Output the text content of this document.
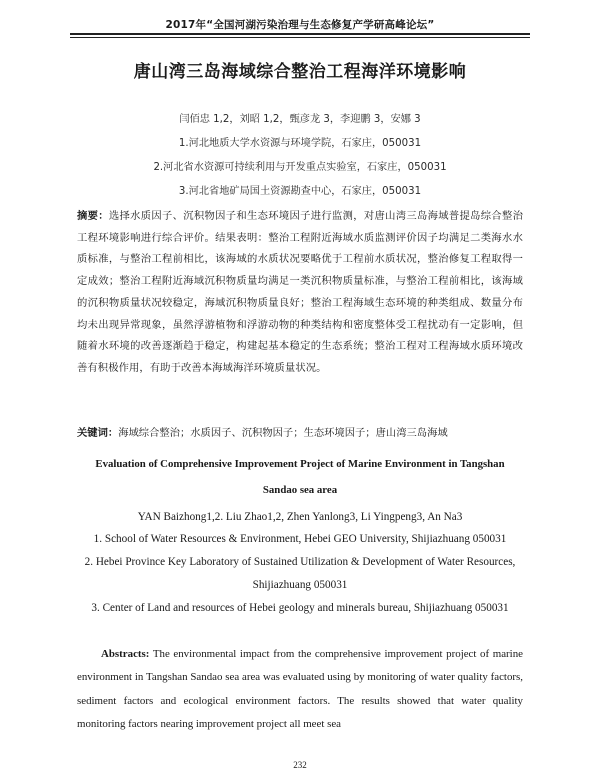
2017年“全国河湖污染治理与生态修复产学研高峰论坛”
唐山湾三岛海域综合整治工程海洋环境影响
闫佰忠 1,2，刘昭 1,2，甄彦龙 3，李迎鹏 3，安娜 3
1.河北地质大学水资源与环境学院，石家庄，050031
2.河北省水资源可持续利用与开发重点实验室，石家庄，050031
3.河北省地矿局国土资源勘查中心，石家庄，050031
摘要：选择水质因子、沉积物因子和生态环境因子进行监测，对唐山湾三岛海域普提岛综合整治工程环境影响进行综合评价。结果表明：整治工程附近海域水质监测评价因子均满足二类海水水质标准，与整治工程前相比，该海域的水质状况要略优于工程前水质状况，整治修复工程取得一定成效；整治工程附近海域沉积物质量均满足一类沉积物质量标准，与整治工程前相比，该海域的沉积物质量状况较稳定，海域沉积物质量良好；整治工程海域生态环境的种类组成、数量分布均未出现异常现象，虽然浮游植物和浮游动物的种类结构和密度整体受工程扰动有一定影响，但随着水环境的改善逐渐趋于稳定，构建起基本稳定的生态系统；整治工程对工程海域水质环境改善有积极作用，有助于改善本海域海洋环境质量状况。
关键词：海域综合整治；水质因子、沉积物因子；生态环境因子；唐山湾三岛海域
Evaluation of Comprehensive Improvement Project of Marine Environment in Tangshan Sandao sea area
YAN Baizhong1,2. Liu Zhao1,2, Zhen Yanlong3, Li Yingpeng3, An Na3
1. School of Water Resources & Environment, Hebei GEO University, Shijiazhuang 050031
2. Hebei Province Key Laboratory of Sustained Utilization & Development of Water Resources, Shijiazhuang 050031
3. Center of Land and resources of Hebei geology and minerals bureau, Shijiazhuang 050031
Abstracts: The environmental impact from the comprehensive improvement project of marine environment in Tangshan Sandao sea area was evaluated using by monitoring of water quality factors, sediment factors and ecological environment factors. The results showed that water quality monitoring factors nearing improvement project all meet sea
232
